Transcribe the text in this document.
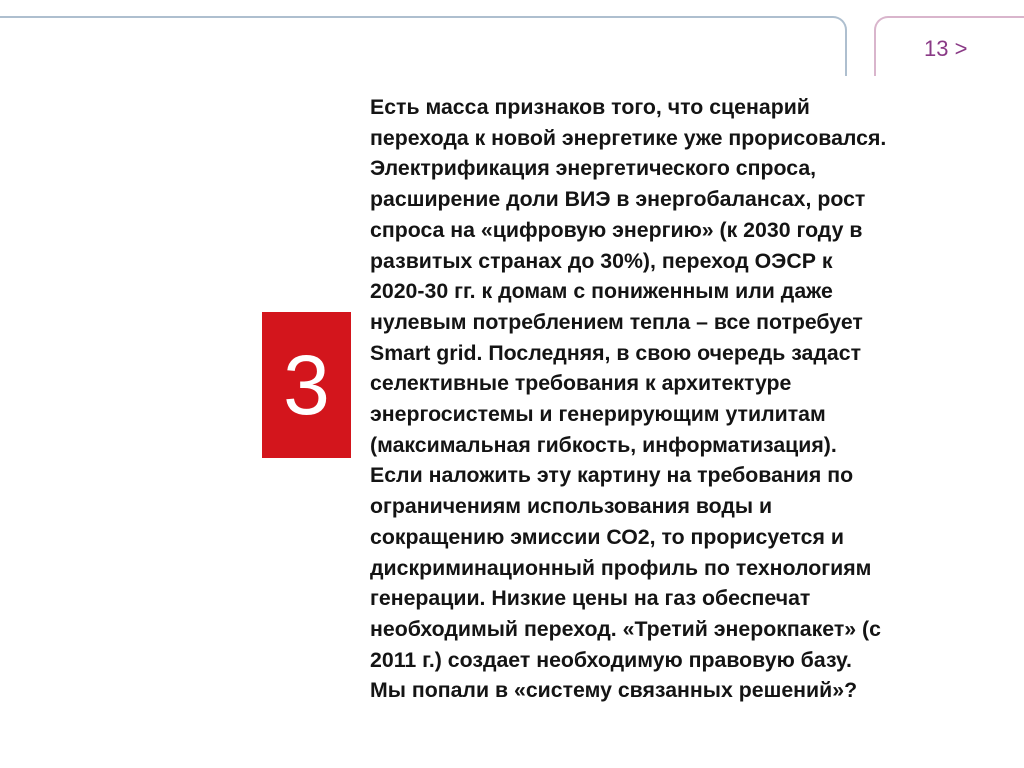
13 >
3
Есть масса признаков того, что сценарий
перехода к новой энергетике уже прорисовался.
Электрификация энергетического спроса,
расширение доли ВИЭ в энергобалансах, рост
спроса на «цифровую энергию» (к 2030 году в
развитых странах до 30%), переход ОЭСР к
2020-30 гг. к домам с пониженным или даже
нулевым потреблением тепла – все потребует
Smart grid. Последняя, в свою очередь задаст
селективные требования к архитектуре
энергосистемы и генерирующим утилитам
(максимальная гибкость, информатизация).
Если наложить эту картину на требования по
ограничениям использования воды и
сокращению эмиссии СО2, то прорисуется и
дискриминационный профиль по технологиям
генерации. Низкие цены на газ обеспечат
необходимый переход. «Третий энерокпакет» (с
2011 г.) создает необходимую правовую базу.
Мы попали в «систему связанных решений»?
